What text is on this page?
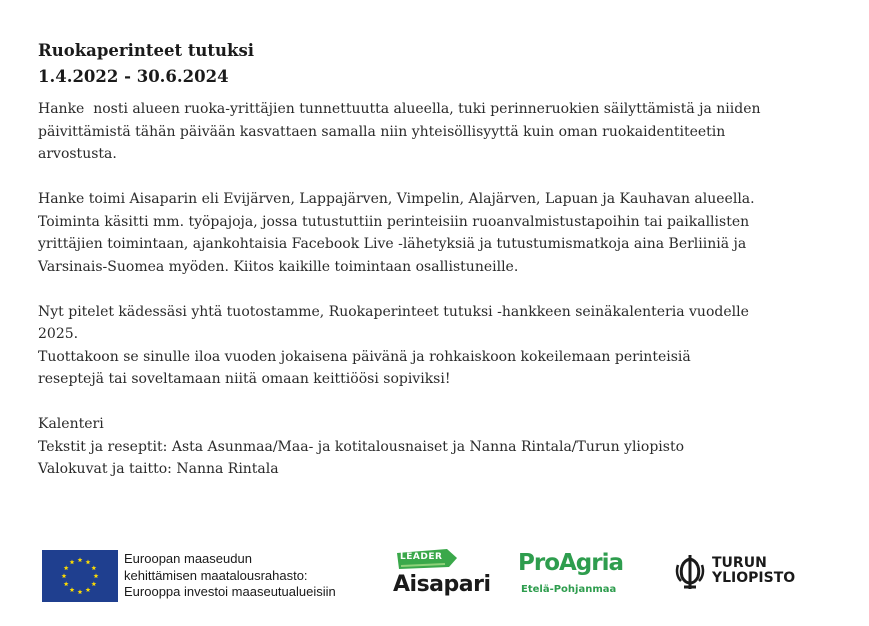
Ruokaperinteet tutuksi
1.4.2022 - 30.6.2024

Hanke  nosti alueen ruoka-yrittäjien tunnettuutta alueella, tuki perinneruokien säilyttämistä ja niiden
päivittämistä tähän päivään kasvattaen samalla niin yhteisöllisyyttä kuin oman ruokaidentiteetin
arvostusta.

Hanke toimi Aisaparin eli Evijärven, Lappajärven, Vimpelin, Alajärven, Lapuan ja Kauhavan alueella.
Toiminta käsitti mm. työpajoja, jossa tutustuttiin perinteisiin ruoanvalmistustapoihin tai paikallisten
yrittäjien toimintaan, ajankohtaisia Facebook Live -lähetyksiä ja tutustumismatkoja aina Berliiniä ja
Varsinais-Suomea myöden. Kiitos kaikille toimintaan osallistuneille.

Nyt pitelet kädessäsi yhtä tuotostamme, Ruokaperinteet tutuksi -hankkeen seinäkalenteria vuodelle
2025.
Tuottakoon se sinulle iloa vuoden jokaisena päivänä ja rohkaiskoon kokeilemaan perinteisiä
reseptejä tai soveltamaan niitä omaan keittiöösi sopiviksi!

Kalenteri
Tekstit ja reseptit: Asta Asunmaa/Maa- ja kotitalousnaiset ja Nanna Rintala/Turun yliopisto
Valokuvat ja taitto: Nanna Rintala

Euroopan maaseudun
kehittämisen maatalousrahasto:
Eurooppa investoi maaseutualueisiin
LEADER
Aisapari
ProAgria
Etelä-Pohjanmaa
TURUN
YLIOPISTO
